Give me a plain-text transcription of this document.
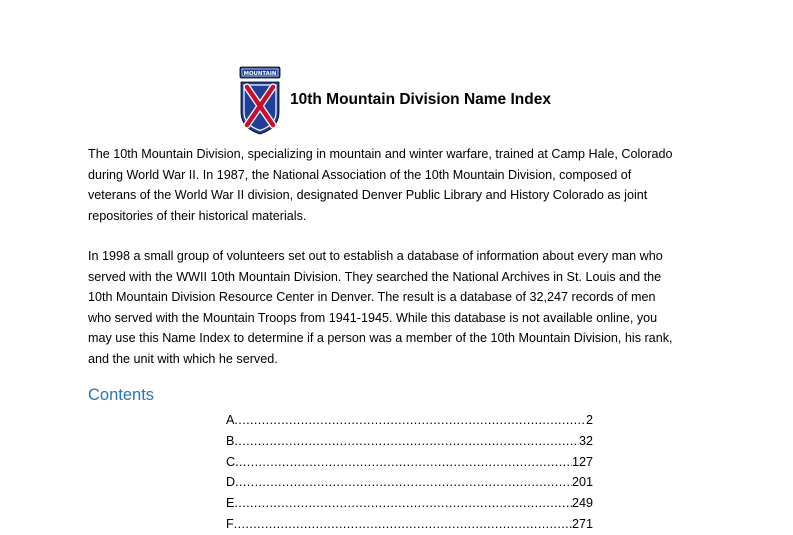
MOUNTAIN
10th Mountain Division Name Index

The 10th Mountain Division, specializing in mountain and winter warfare, trained at Camp Hale, Colorado
during World War II. In 1987, the National Association of the 10th Mountain Division, composed of
veterans of the World War II division, designated Denver Public Library and History Colorado as joint
repositories of their historical materials.

In 1998 a small group of volunteers set out to establish a database of information about every man who
served with the WWII 10th Mountain Division. They searched the National Archives in St. Louis and the
10th Mountain Division Resource Center in Denver. The result is a database of 32,247 records of men
who served with the Mountain Troops from 1941-1945. While this database is not available online, you
may use this Name Index to determine if a person was a member of the 10th Mountain Division, his rank,
and the unit with which he served.

Contents
A .....	2
B .....	32
C .....	127
D .....	201
E .....	249
F .....	271
